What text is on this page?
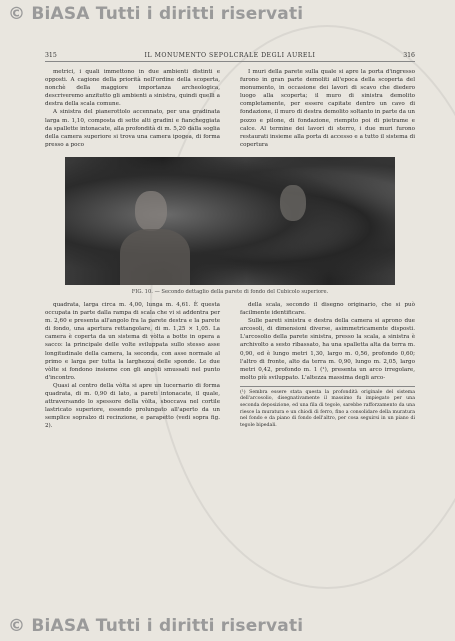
© BiASA Tutti i diritti riservati
315	IL MONUMENTO SEPOLCRALE DEGLI AURELI	316

metrici, i quali immettono in due ambienti distinti e opposti. A cagione della priorità nell'ordine della scoperta, nonchè della maggiore importanza archeologica, descriveremo anzitutto gli ambienti a sinistra, quindi quelli a destra della scala comune.

A sinistra del pianerottolo accennato, per una gradinata larga m. 1,10, composta di sette alti gradini e fiancheggiata da spallette intonacate, alla profondità di m. 5,20 dalla soglia della camera superiore si trova una camera ipogea, di forma presso a poco

I muri della parete sulla quale si apre la porta d'ingresso furono in gran parte demoliti all'epoca della scoperta del monumento, in occasione dei lavori di scavo che diedero luogo alla scoperta; il muro di sinistra demolito completamente, per essere capitate dentro un cavo di fondazione, il muro di destra demolito soltanto in parte da un pozzo e pilone, di fondazione, riempito poi di pietrame e calce. Al termine dei lavori di sterro, i due muri furono restaurati insieme alla porta di accesso e a tutto il sistema di copertura

FIG. 10. — Secondo dettaglio della parete di fondo del Cubicolo superiore.

quadrata, larga circa m. 4,00, lunga m. 4,61. È questa occupata in parte dalla rampa di scala che vi si addentra per m. 2,60 e presenta all'angolo fra la parete destra e la parete di fondo, una apertura rettangolare, di m. 1,25 × 1,05. La camera è coperta da un sistema di vòlta a botte in opera a sacco: la principale delle volte sviluppata sullo stesso asse longitudinale della camera, la seconda, con asse normale al primo e larga per tutta la larghezza delle sponde. Le due vòlte si fondono insieme con gli angoli smussati nel punto d'incontro.

Quasi al centro della vòlta si apre un lucernario di forma quadrata, di m. 0,90 di lato, a pareti intonacate, il quale, attraversando lo spessore della vòlta, sboccava nel cortile lastricato superiore, essendo prolungato all'aperto da un semplice sopralzo di recinzione, e parapetto (vedi sopra fig. 2).

della scala, secondo il disegno originario, che si può facilmente identificare.

Sulle pareti sinistra e destra della camera si aprono due arcosoli, di dimensioni diverse, asimmetricamente disposti. L'arcosolio della parete sinistra, presso la scala, a sinistra è archivolto a sesto ribassato, ha una spalletta alta da terra m. 0,90, ed è lungo metri 1,30, largo m. 0,56, profondo 0,60; l'altro di fronte, alto da terra m. 0,90, lungo m. 2,05, largo metri 0,42, profondo m. 1 (¹), presenta un arco irregolare, molto più sviluppato. L'altezza massima degli arco-

(¹) Sembra essere stata questa la profondità originale del sistema dell'arcosolio, disegnativamente il massimo fu impiegato per una seconda deposizione, ed una fila di tegole, sarebbe rafforzamento da una riesce la muratura e un chiodi di ferro, fino a consolidare della muratura nel fondo e da piano di fondo dell'altro, per cosa seguirsi in un piano di tegole bipedali.
© BiASA Tutti i diritti riservati
